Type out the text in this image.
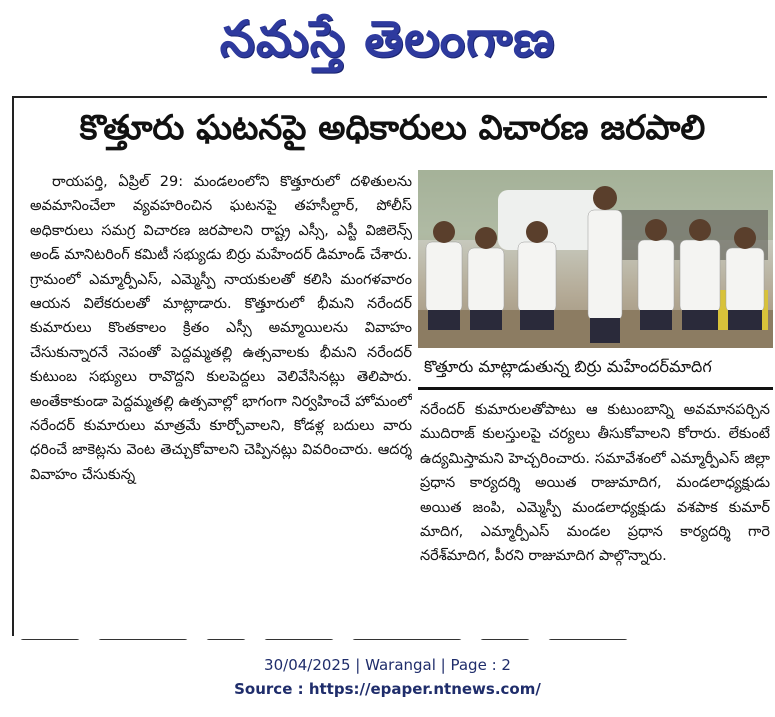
నమస్తే తెలంగాణ
కొత్తూరు ఘటనపై అధికారులు విచారణ జరపాలి

రాయపర్తి, ఏప్రిల్ 29: మండలంలోని కొత్తూరులో దళితులను అవమానించేలా వ్యవహరించిన ఘటనపై తహసీల్దార్, పోలీస్ అధికారులు సమగ్ర విచారణ జరపాలని రాష్ట్ర ఎస్సీ, ఎస్టీ విజిలెన్స్ అండ్ మానిటరింగ్ కమిటీ సభ్యుడు బిర్రు మహేందర్ డిమాండ్ చేశారు. గ్రామంలో ఎమ్మార్పీఎస్, ఎమ్మెస్పీ నాయకులతో కలిసి మంగళవారం ఆయన విలేకరులతో మాట్లాడారు. కొత్తూరులో భీమని నరేందర్ కుమారులు కొంతకాలం క్రితం ఎస్సీ అమ్మాయిలను వివాహం చేసుకున్నారనే నెపంతో పెద్దమ్మతల్లి ఉత్సవాలకు భీమని నరేందర్ కుటుంబ సభ్యులు రావొద్దని కులపెద్దలు వెలివేసినట్లు తెలిపారు. అంతేకాకుండా పెద్దమ్మతల్లి ఉత్సవాల్లో భాగంగా నిర్వహించే హోమంలో నరేందర్ కుమారులు మాత్రమే కూర్చోవాలని, కోడళ్ల బదులు వారు ధరించే జాకెట్లను వెంట తెచ్చుకోవాలని చెప్పినట్లు వివరించారు. ఆదర్శ వివాహం చేసుకున్న

కొత్తూరు మాట్లాడుతున్న బిర్రు మహేందర్‌మాదిగ

నరేందర్ కుమారులతోపాటు ఆ కుటుంబాన్ని అవమానపర్చిన ముదిరాజ్ కులస్తులపై చర్యలు తీసుకోవాలని కోరారు. లేకుంటే ఉద్యమిస్తామని హెచ్చరించారు. సమావేశంలో ఎమ్మార్పీఎస్ జిల్లా ప్రధాన కార్యదర్శి అయిత రాజుమాదిగ, మండలాధ్యక్షుడు అయిత జంపి, ఎమ్మెస్పీ మండలాధ్యక్షుడు వశపాక కుమార్ మాదిగ, ఎమ్మార్పీఎస్ మండల ప్రధాన కార్యదర్శి గారె నరేశ్‌మాదిగ, పీరని రాజుమాదిగ పాల్గొన్నారు.

30/04/2025 | Warangal | Page : 2
Source : https://epaper.ntnews.com/
